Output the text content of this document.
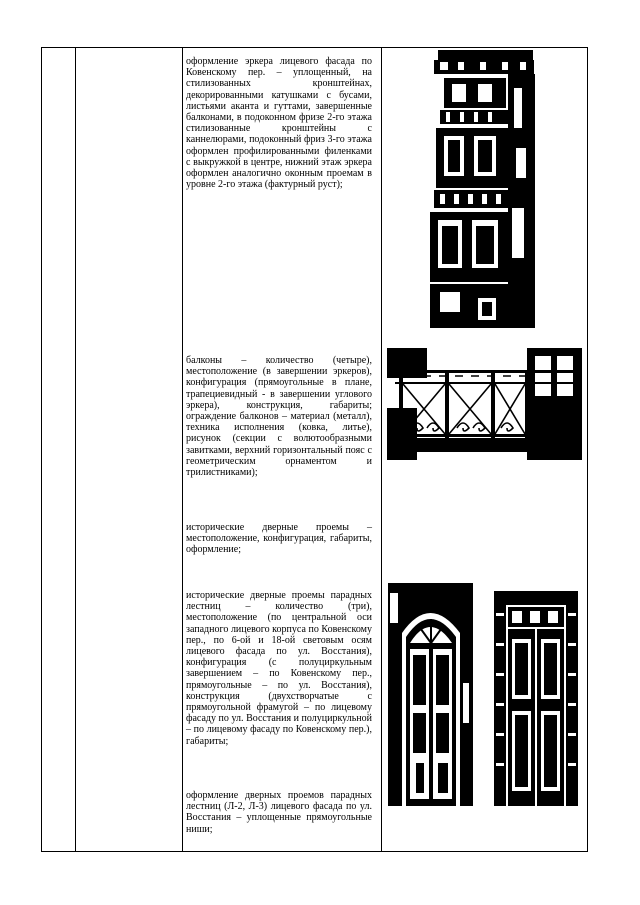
оформление эркера лицевого фасада по Ковенскому пер. – уплощенный, на стилизованных кронштейнах, декорированными катушками с бусами, листьями аканта и гуттами, завершенные балконами, в подоконном фризе 2-го этажа стилизованные кронштейны с каннелюрами, подоконный фриз 3-го этажа оформлен профилированными филенками с выкружкой в центре, нижний этаж эркера оформлен аналогично оконным проемам в уровне 2-го этажа (фактурный руст);

балконы – количество (четыре), местоположение (в завершении эркеров), конфигурация (прямоугольные в плане, трапециевидный - в завершении углового эркера), конструкция, габариты; ограждение балконов – материал (металл), техника исполнения (ковка, литье), рисунок (секции с волютообразными завитками, верхний горизонтальный пояс с геометрическим орнаментом и трилистниками);

исторические дверные проемы – местоположение, конфигурация, габариты, оформление;

исторические дверные проемы парадных лестниц – количество (три), местоположение (по центральной оси западного лицевого корпуса по Ковенскому пер., по 6-ой и 18-ой световым осям лицевого фасада по ул. Восстания), конфигурация (с полуциркульным завершением – по Ковенскому пер., прямоугольные – по ул. Восстания), конструкция (двухстворчатые с прямоугольной фрамугой – по лицевому фасаду по ул. Восстания и полуциркульной – по лицевому фасаду по Ковенскому пер.), габариты;

оформление дверных проемов парадных лестниц (Л-2, Л-3) лицевого фасада по ул. Восстания – уплощенные прямоугольные ниши;
